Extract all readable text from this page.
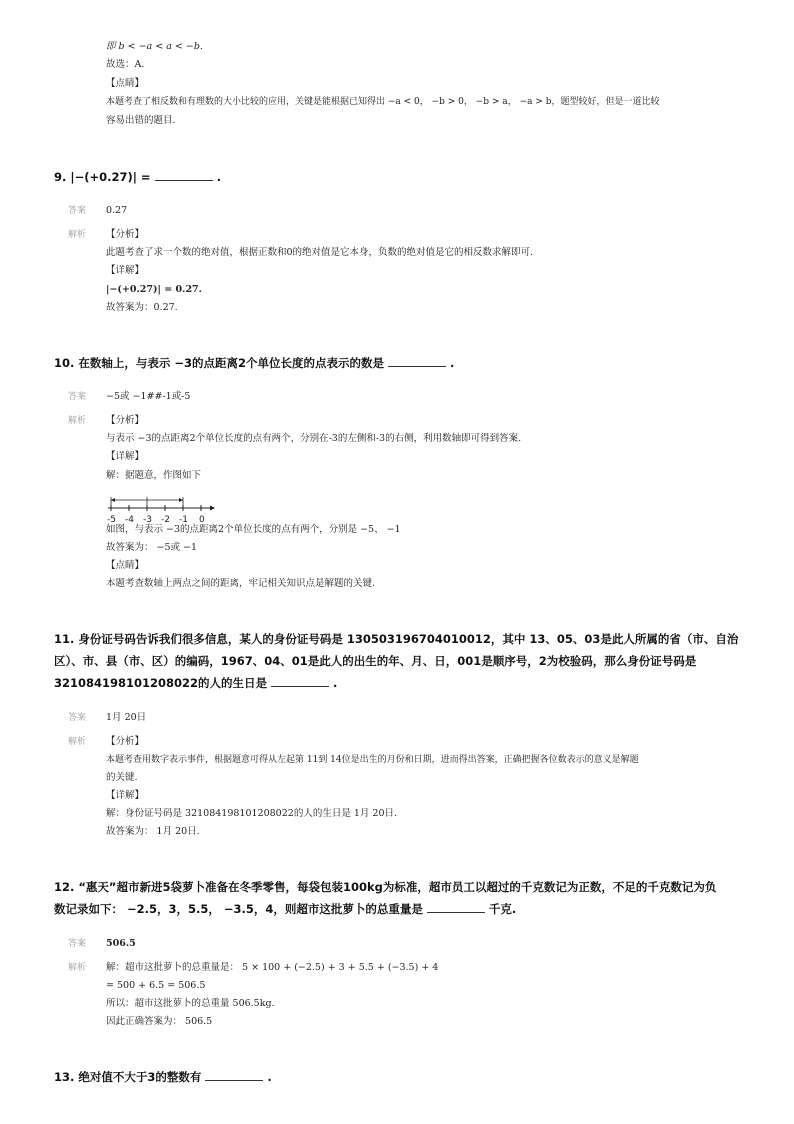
即 b < −a < a < −b.
故选：A.
【点睛】
本题考查了相反数和有理数的大小比较的应用，关键是能根据已知得出 −a < 0， −b > 0， −b > a， −a > b，题型较好，但是一道比较
容易出错的题目.
9. |−(+0.27)| =	.
答案 0.27
解析 【分析】
此题考查了求一个数的绝对值，根据正数和0的绝对值是它本身，负数的绝对值是它的相反数求解即可.
【详解】
|−(+0.27)| = 0.27.
故答案为：0.27.
10. 在数轴上，与表示 −3的点距离2个单位长度的点表示的数是	.
答案 −5或 −1##-1或-5
解析 【分析】
与表示 −3的点距离2个单位长度的点有两个，分别在-3的左侧和-3的右侧，利用数轴即可得到答案.
【详解】
解：据题意，作图如下
-5 -4 -3 -2 -1 0
如图，与表示 −3的点距离2个单位长度的点有两个，分别是 −5、 −1
故答案为： −5或 −1
【点睛】
本题考查数轴上两点之间的距离，牢记相关知识点是解题的关键.
11. 身份证号码告诉我们很多信息，某人的身份证号码是 130503196704010012，其中 13、05、03是此人所属的省（市、自治
区）、市、县（市、区）的编码，1967、04、01是此人的出生的年、月、日，001是顺序号，2为校验码，那么身份证号码是
321084198101208022的人的生日是	.
答案 1月 20日
解析 【分析】
本题考查用数字表示事件，根据题意可得从左起第 11到 14位是出生的月份和日期，进而得出答案，正确把握各位数表示的意义是解题
的关键.
【详解】
解：身份证号码是 321084198101208022的人的生日是 1月 20日.
故答案为： 1月 20日.
12. “惠天”超市新进5袋萝卜准备在冬季零售，每袋包装100kg为标准，超市员工以超过的千克数记为正数，不足的千克数记为负
数记录如下： −2.5，3，5.5， −3.5，4，则超市这批萝卜的总重量是	千克.
答案 506.5
解析 解：超市这批萝卜的总重量是： 5 × 100 + (−2.5) + 3 + 5.5 + (−3.5) + 4
= 500 + 6.5 = 506.5
所以：超市这批萝卜的总重量 506.5kg.
因此正确答案为： 506.5
13. 绝对值不大于3的整数有	.
